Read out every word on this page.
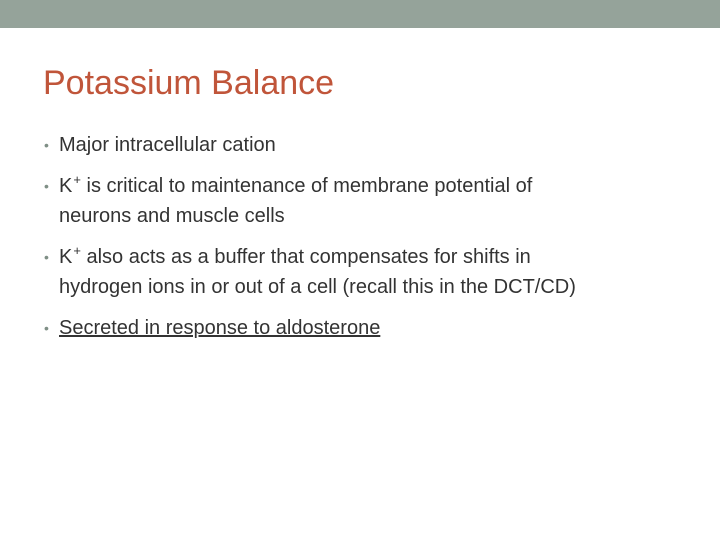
Potassium Balance
• Major intracellular cation
• K+ is critical to maintenance of membrane potential of
neurons and muscle cells
• K+ also acts as a buffer that compensates for shifts in
hydrogen ions in or out of a cell (recall this in the DCT/CD)
• Secreted in response to aldosterone
